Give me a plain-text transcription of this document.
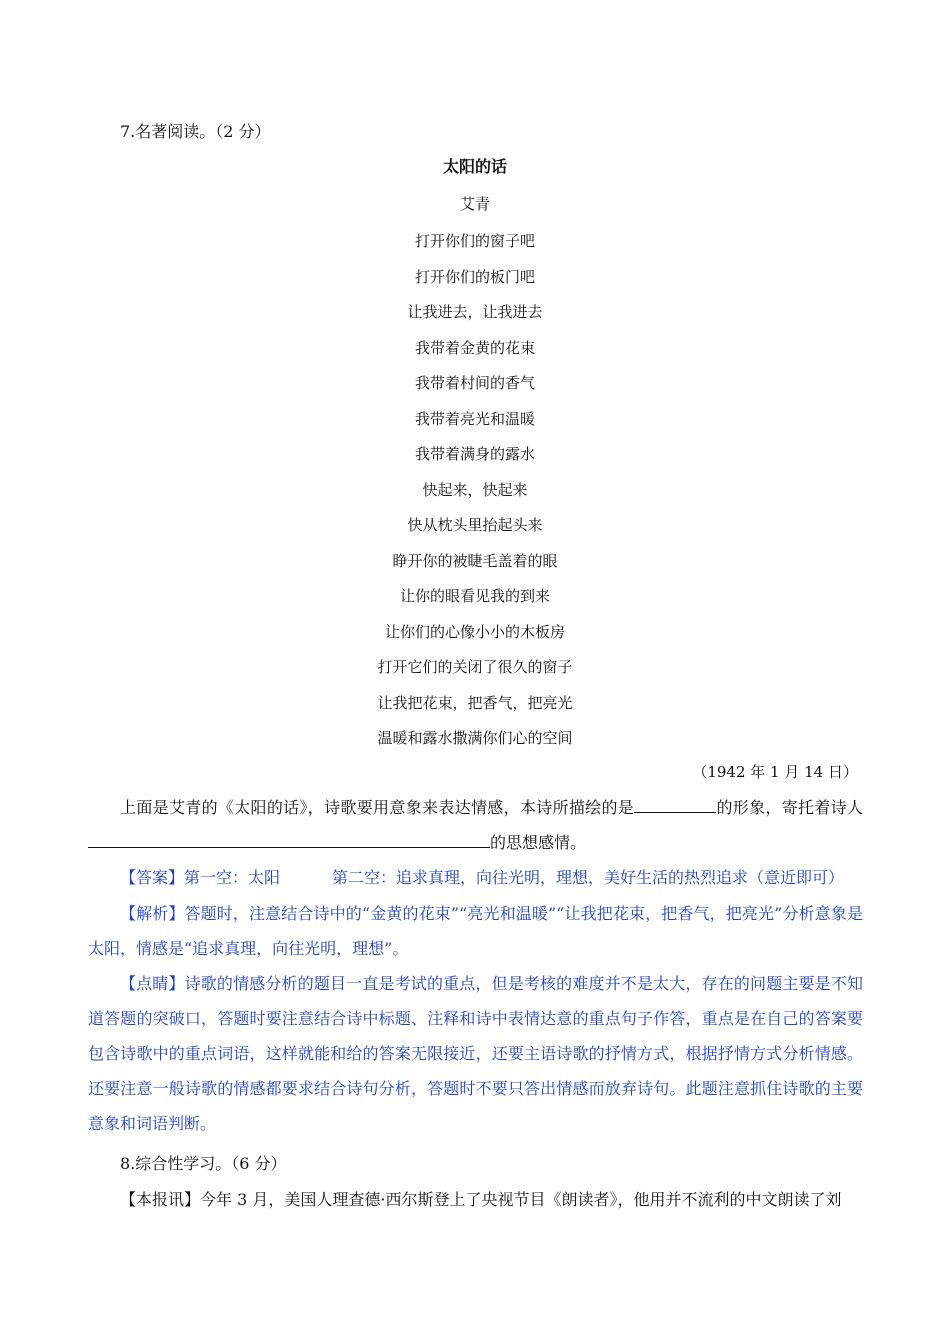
7.名著阅读。（2 分）
太阳的话
艾青
打开你们的窗子吧
打开你们的板门吧
让我进去，让我进去
我带着金黄的花束
我带着村间的香气
我带着亮光和温暖
我带着满身的露水
快起来，快起来
快从枕头里抬起头来
睁开你的被睫毛盖着的眼
让你的眼看见我的到来
让你们的心像小小的木板房
打开它们的关闭了很久的窗子
让我把花束，把香气，把亮光
温暖和露水撒满你们心的空间
（1942 年 1 月 14 日）
上面是艾青的《太阳的话》，诗歌要用意象来表达情感，本诗所描绘的是	的形象，寄托着诗人的思想感情。
【答案】第一空：太阳	第二空：追求真理，向往光明，理想，美好生活的热烈追求（意近即可）
【解析】答题时，注意结合诗中的“金黄的花束”“亮光和温暖”“让我把花束，把香气，把亮光”分析意象是太阳，情感是“追求真理，向往光明，理想”。
【点睛】诗歌的情感分析的题目一直是考试的重点，但是考核的难度并不是太大，存在的问题主要是不知道答题的突破口，答题时要注意结合诗中标题、注释和诗中表情达意的重点句子作答，重点是在自己的答案要包含诗歌中的重点词语，这样就能和给的答案无限接近，还要主语诗歌的抒情方式，根据抒情方式分析情感。还要注意一般诗歌的情感都要求结合诗句分析，答题时不要只答出情感而放弃诗句。此题注意抓住诗歌的主要意象和词语判断。
8.综合性学习。（6 分）
【本报讯】今年 3 月，美国人理查德·西尔斯登上了央视节目《朗读者》，他用并不流利的中文朗读了刘
